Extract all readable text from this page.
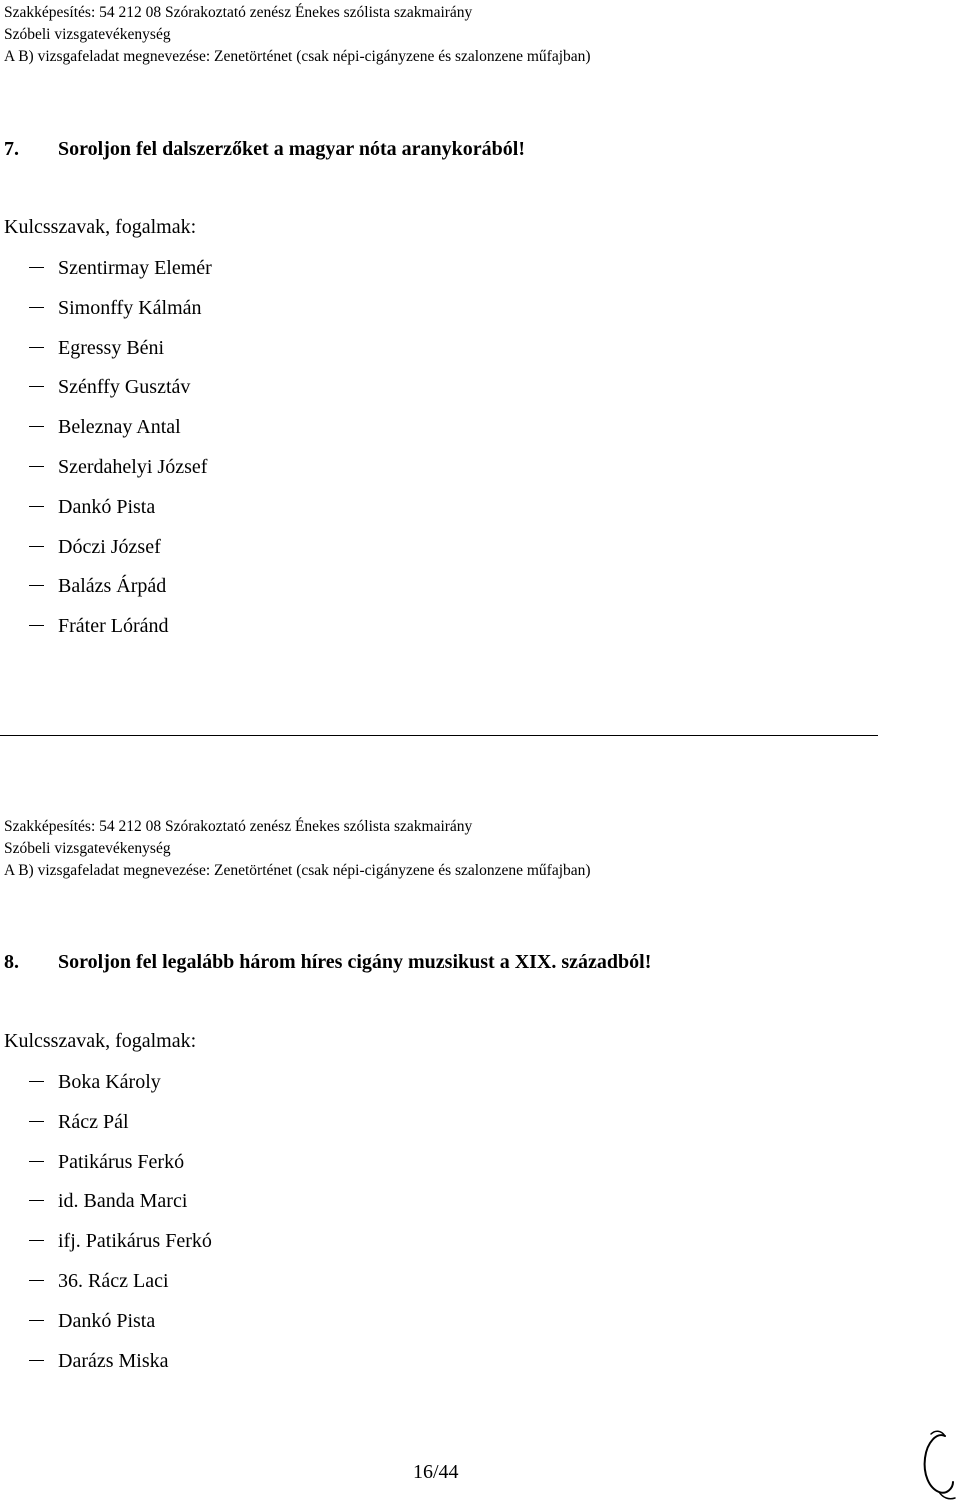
Szakképesítés: 54 212 08 Szórakoztató zenész Énekes szólista szakmairány
Szóbeli vizsgatevékenység
A B) vizsgafeladat megnevezése: Zenetörténet (csak népi-cigányzene és szalonzene műfajban)
7. Soroljon fel dalszerzőket a magyar nóta aranykorából!
Kulcsszavak, fogalmak:
Szentirmay Elemér
Simonffy Kálmán
Egressy Béni
Szénffy Gusztáv
Beleznay Antal
Szerdahelyi József
Dankó Pista
Dóczi József
Balázs Árpád
Fráter Lóránd
Szakképesítés: 54 212 08 Szórakoztató zenész Énekes szólista szakmairány
Szóbeli vizsgatevékenység
A B) vizsgafeladat megnevezése: Zenetörténet (csak népi-cigányzene és szalonzene műfajban)
8. Soroljon fel legalább három híres cigány muzsikust a XIX. századból!
Kulcsszavak, fogalmak:
Boka Károly
Rácz Pál
Patikárus Ferkó
id. Banda Marci
ifj. Patikárus Ferkó
36. Rácz Laci
Dankó Pista
Darázs Miska
16/44
